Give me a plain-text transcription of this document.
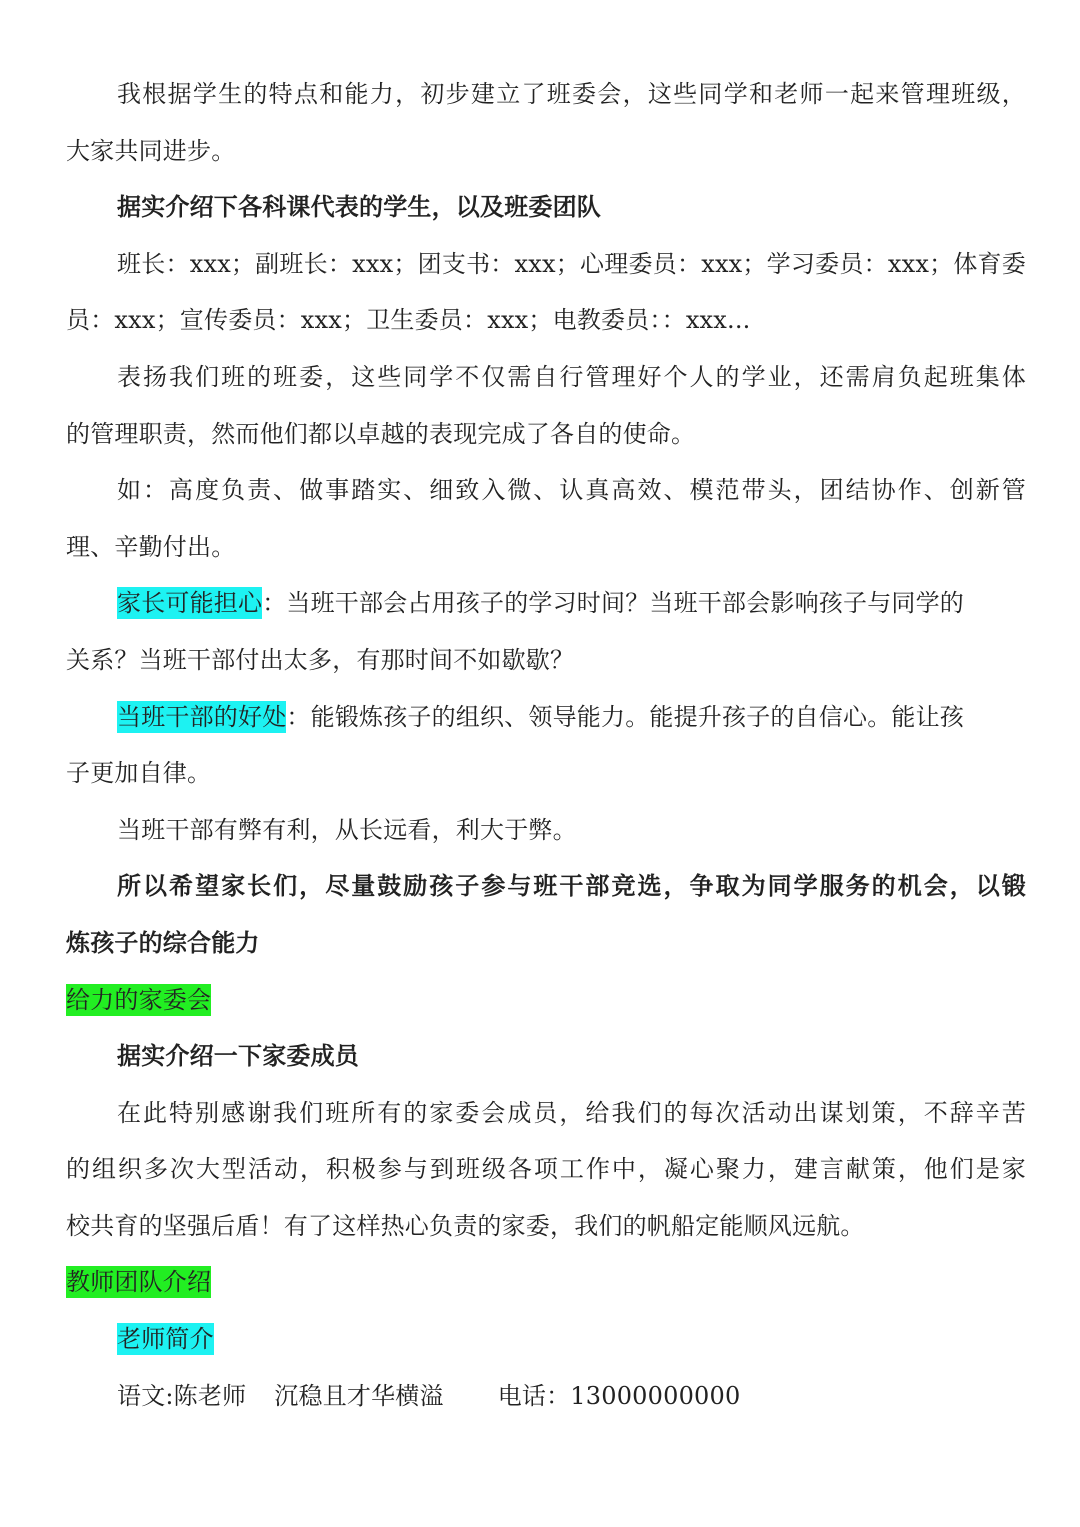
我根据学生的特点和能力，初步建立了班委会，这些同学和老师一起来管理班级，
大家共同进步。
据实介绍下各科课代表的学生，以及班委团队
班长：xxx；副班长：xxx；团支书：xxx；心理委员：xxx；学习委员：xxx；体育委
员：xxx；宣传委员：xxx；卫生委员：xxx；电教委员：：xxx...
表扬我们班的班委，这些同学不仅需自行管理好个人的学业，还需肩负起班集体
的管理职责，然而他们都以卓越的表现完成了各自的使命。
如：高度负责、做事踏实、细致入微、认真高效、模范带头，团结协作、创新管
理、辛勤付出。
家长可能担心：当班干部会占用孩子的学习时间？当班干部会影响孩子与同学的
关系？当班干部付出太多，有那时间不如歇歇？
当班干部的好处：能锻炼孩子的组织、领导能力。能提升孩子的自信心。能让孩
子更加自律。
当班干部有弊有利，从长远看，利大于弊。
所以希望家长们，尽量鼓励孩子参与班干部竞选，争取为同学服务的机会，以锻
炼孩子的综合能力
给力的家委会
据实介绍一下家委成员
在此特别感谢我们班所有的家委会成员，给我们的每次活动出谋划策，不辞辛苦
的组织多次大型活动，积极参与到班级各项工作中，凝心聚力，建言献策，他们是家
校共育的坚强后盾！有了这样热心负责的家委，我们的帆船定能顺风远航。
教师团队介绍
老师简介
语文:陈老师 沉稳且才华横溢 电话：13000000000
